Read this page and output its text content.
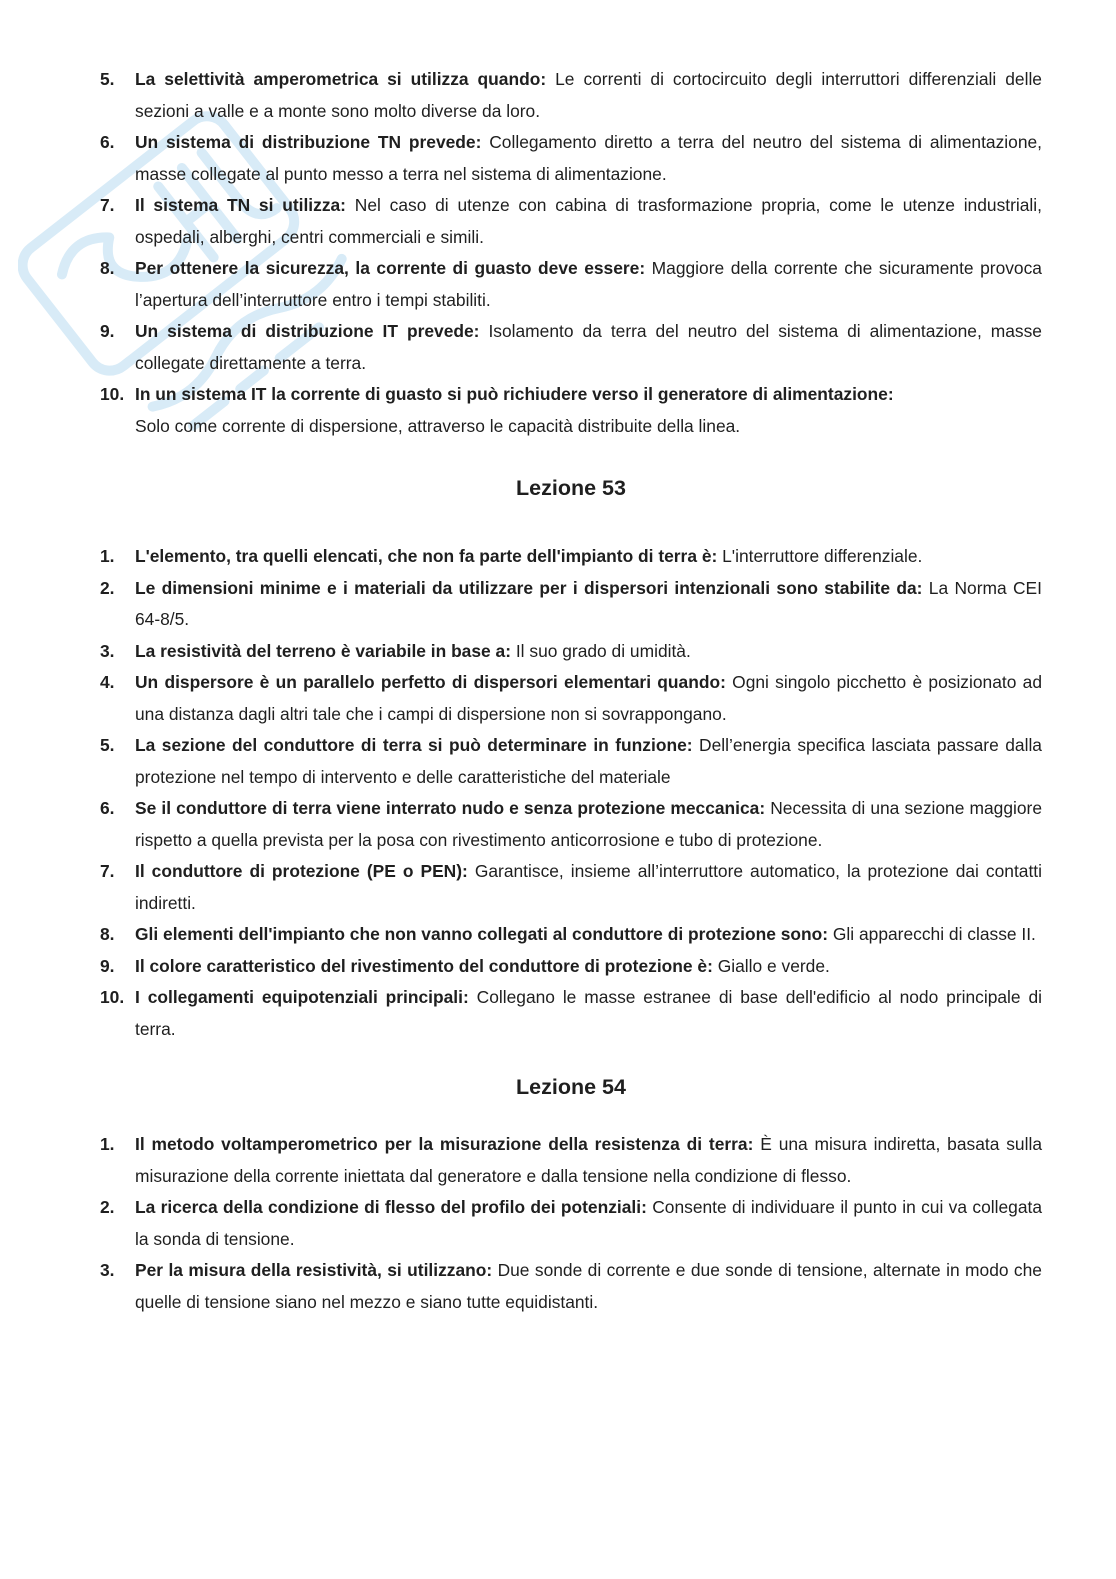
5. La selettività amperometrica si utilizza quando: Le correnti di cortocircuito degli interruttori differenziali delle sezioni a valle e a monte sono molto diverse da loro.
6. Un sistema di distribuzione TN prevede: Collegamento diretto a terra del neutro del sistema di alimentazione, masse collegate al punto messo a terra nel sistema di alimentazione.
7. Il sistema TN si utilizza: Nel caso di utenze con cabina di trasformazione propria, come le utenze industriali, ospedali, alberghi, centri commerciali e simili.
8. Per ottenere la sicurezza, la corrente di guasto deve essere: Maggiore della corrente che sicuramente provoca l’apertura dell’interruttore entro i tempi stabiliti.
9. Un sistema di distribuzione IT prevede: Isolamento da terra del neutro del sistema di alimentazione, masse collegate direttamente a terra.
10. In un sistema IT la corrente di guasto si può richiudere verso il generatore di alimentazione:
Solo come corrente di dispersione, attraverso le capacità distribuite della linea.
Lezione 53
1. L'elemento, tra quelli elencati, che non fa parte dell'impianto di terra è: L'interruttore differenziale.
2. Le dimensioni minime e i materiali da utilizzare per i dispersori intenzionali sono stabilite da: La Norma CEI 64-8/5.
3. La resistività del terreno è variabile in base a: Il suo grado di umidità.
4. Un dispersore è un parallelo perfetto di dispersori elementari quando: Ogni singolo picchetto è posizionato ad una distanza dagli altri tale che i campi di dispersione non si sovrappongano.
5. La sezione del conduttore di terra si può determinare in funzione: Dell’energia specifica lasciata passare dalla protezione nel tempo di intervento e delle caratteristiche del materiale
6. Se il conduttore di terra viene interrato nudo e senza protezione meccanica: Necessita di una sezione maggiore rispetto a quella prevista per la posa con rivestimento anticorrosione e tubo di protezione.
7. Il conduttore di protezione (PE o PEN): Garantisce, insieme all’interruttore automatico, la protezione dai contatti indiretti.
8. Gli elementi dell'impianto che non vanno collegati al conduttore di protezione sono: Gli apparecchi di classe II.
9. Il colore caratteristico del rivestimento del conduttore di protezione è: Giallo e verde.
10. I collegamenti equipotenziali principali: Collegano le masse estranee di base dell'edificio al nodo principale di terra.
Lezione 54
1. Il metodo voltamperometrico per la misurazione della resistenza di terra: È una misura indiretta, basata sulla misurazione della corrente iniettata dal generatore e dalla tensione nella condizione di flesso.
2. La ricerca della condizione di flesso del profilo dei potenziali: Consente di individuare il punto in cui va collegata la sonda di tensione.
3. Per la misura della resistività, si utilizzano: Due sonde di corrente e due sonde di tensione, alternate in modo che quelle di tensione siano nel mezzo e siano tutte equidistanti.
